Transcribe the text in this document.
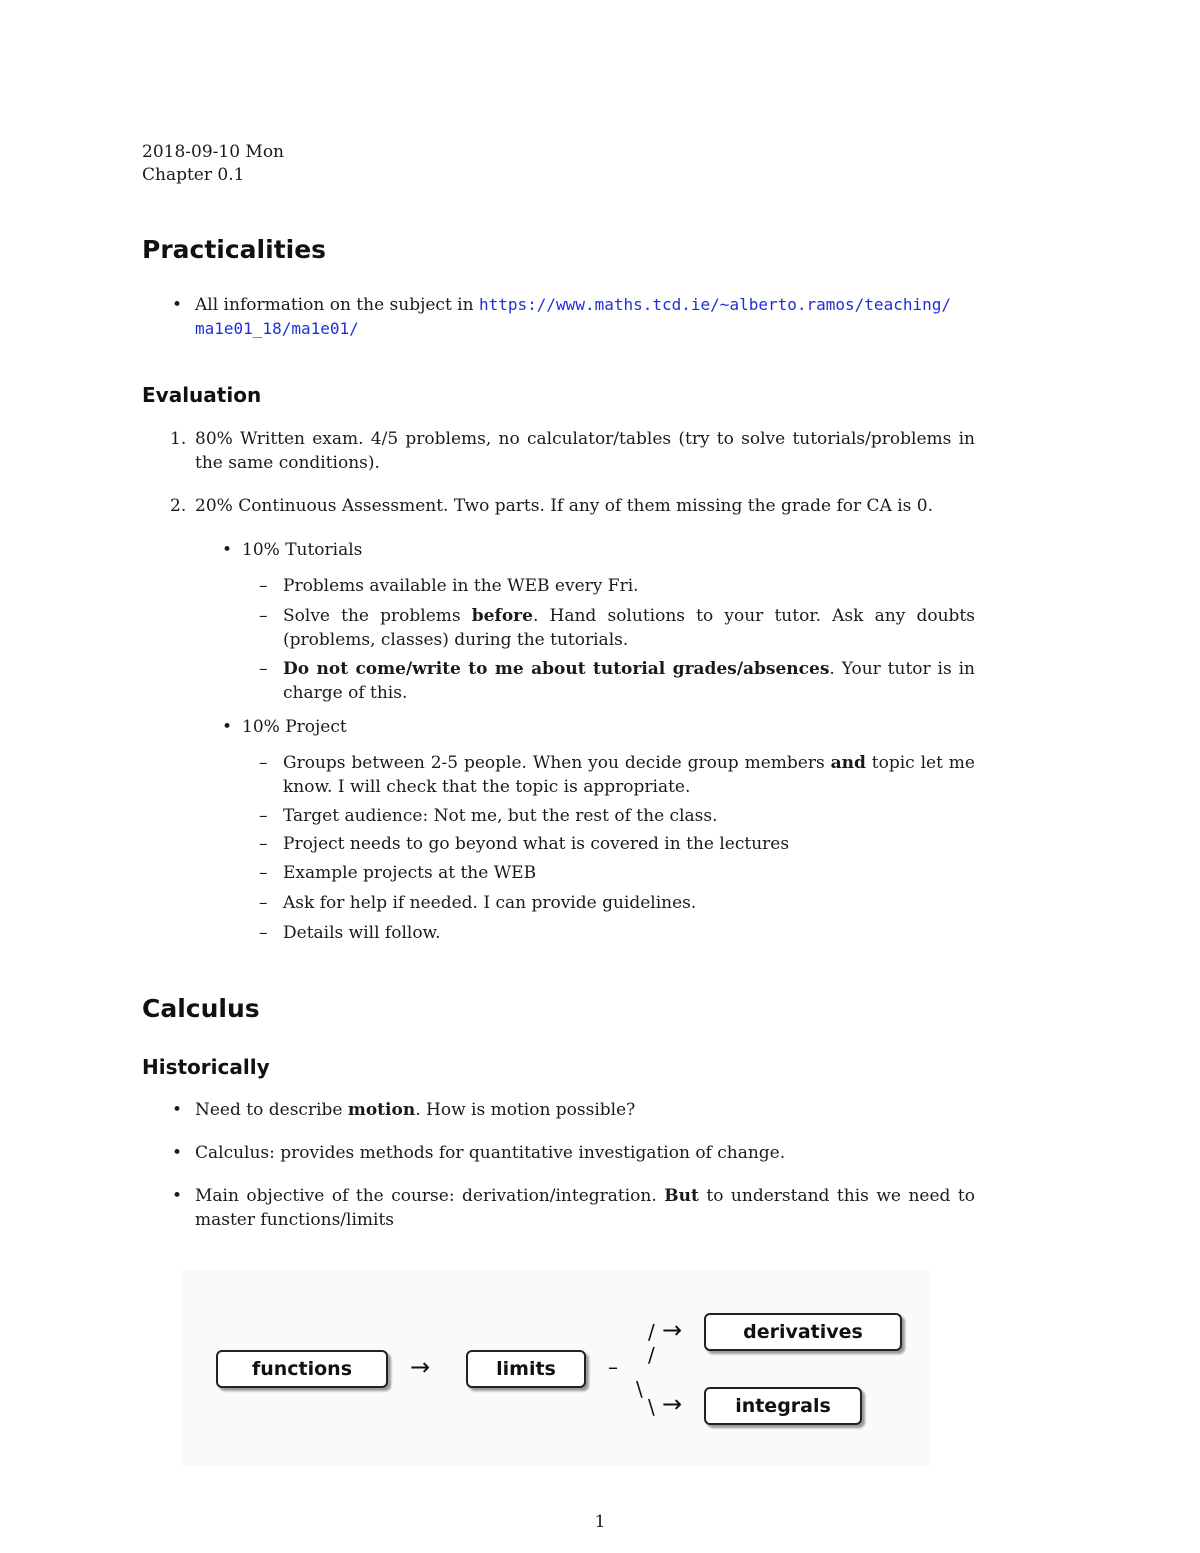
2018-09-10 Mon
Chapter 0.1
Practicalities
• All information on the subject in https://www.maths.tcd.ie/~alberto.ramos/teaching/
ma1e01_18/ma1e01/
Evaluation
1. 80% Written exam. 4/5 problems, no calculator/tables (try to solve tutorials/problems in the same conditions).
2. 20% Continuous Assessment. Two parts. If any of them missing the grade for CA is 0.
• 10% Tutorials
– Problems available in the WEB every Fri.
– Solve the problems before. Hand solutions to your tutor. Ask any doubts (problems, classes) during the tutorials.
– Do not come/write to me about tutorial grades/absences. Your tutor is in charge of this.
• 10% Project
– Groups between 2-5 people. When you decide group members and topic let me know. I will check that the topic is appropriate.
– Target audience: Not me, but the rest of the class.
– Project needs to go beyond what is covered in the lectures
– Example projects at the WEB
– Ask for help if needed. I can provide guidelines.
– Details will follow.
Calculus
Historically
• Need to describe motion. How is motion possible?
• Calculus: provides methods for quantitative investigation of change.
• Main objective of the course: derivation/integration. But to understand this we need to master functions/limits
functions	→	limits	–
/
/
\
\
→
→
derivatives
integrals
1
